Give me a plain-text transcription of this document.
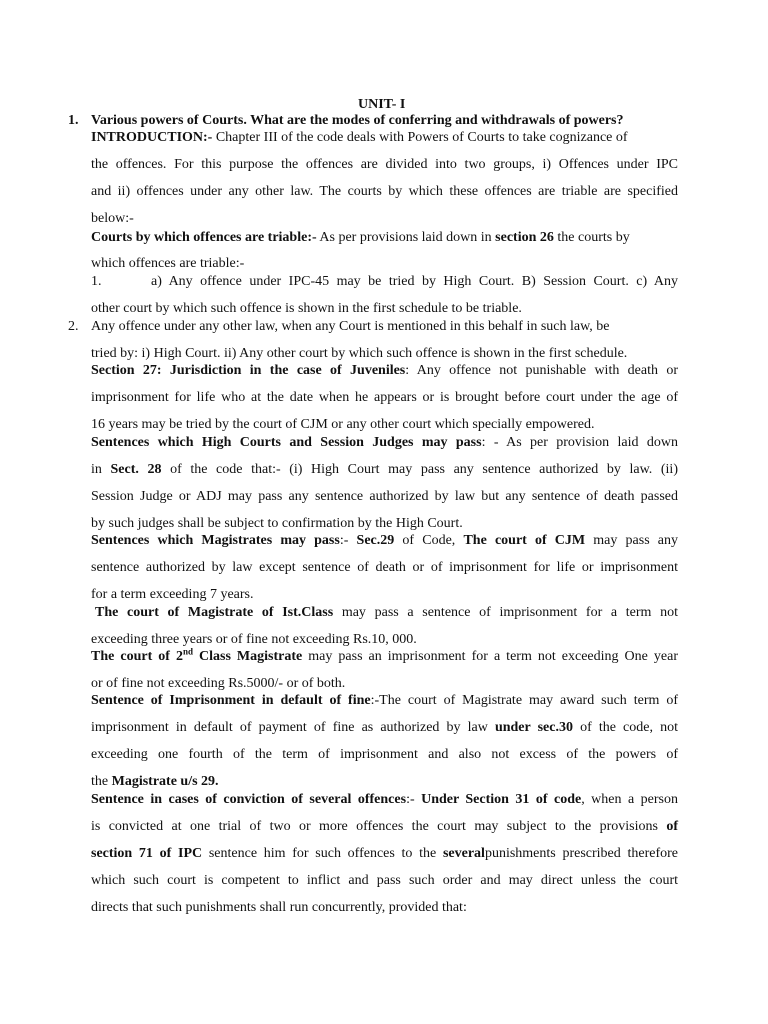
UNIT- I
1. Various powers of Courts. What are the modes of conferring and withdrawals of powers?
INTRODUCTION:- Chapter III of the code deals with Powers of Courts to take cognizance of
the offences. For this purpose the offences are divided into two groups, i) Offences under IPC
and ii) offences under any other law. The courts by which these offences are triable are specified
below:-
Courts by which offences are triable:- As per provisions laid down in section 26 the courts by
which offences are triable:-
1.	a) Any offence under IPC-45 may be tried by High Court. B) Session Court. c) Any
other court by which such offence is shown in the first schedule to be triable.
2. Any offence under any other law, when any Court is mentioned in this behalf in such law, be
tried by: i) High Court. ii) Any other court by which such offence is shown in the first schedule.
Section 27: Jurisdiction in the case of Juveniles: Any offence not punishable with death or
imprisonment for life who at the date when he appears or is brought before court under the age of
16 years may be tried by the court of CJM or any other court which specially empowered.
Sentences which High Courts and Session Judges may pass: - As per provision laid down
in Sect. 28 of the code that:- (i) High Court may pass any sentence authorized by law. (ii)
Session Judge or ADJ may pass any sentence authorized by law but any sentence of death passed
by such judges shall be subject to confirmation by the High Court.
Sentences which Magistrates may pass:- Sec.29 of Code, The court of CJM may pass any
sentence authorized by law except sentence of death or of imprisonment for life or imprisonment
for a term exceeding 7 years.
The court of Magistrate of Ist.Class may pass a sentence of imprisonment for a term not
exceeding three years or of fine not exceeding Rs.10, 000.
The court of 2nd Class Magistrate may pass an imprisonment for a term not exceeding One year
or of fine not exceeding Rs.5000/- or of both.
Sentence of Imprisonment in default of fine:-The court of Magistrate may award such term of
imprisonment in default of payment of fine as authorized by law under sec.30 of the code, not
exceeding one fourth of the term of imprisonment and also not excess of the powers of
the Magistrate u/s 29.
Sentence in cases of conviction of several offences:- Under Section 31 of code, when a person
is convicted at one trial of two or more offences the court may subject to the provisions of
section 71 of IPC sentence him for such offences to the severalpunishments prescribed therefore
which such court is competent to inflict and pass such order and may direct unless the court
directs that such punishments shall run concurrently, provided that:
